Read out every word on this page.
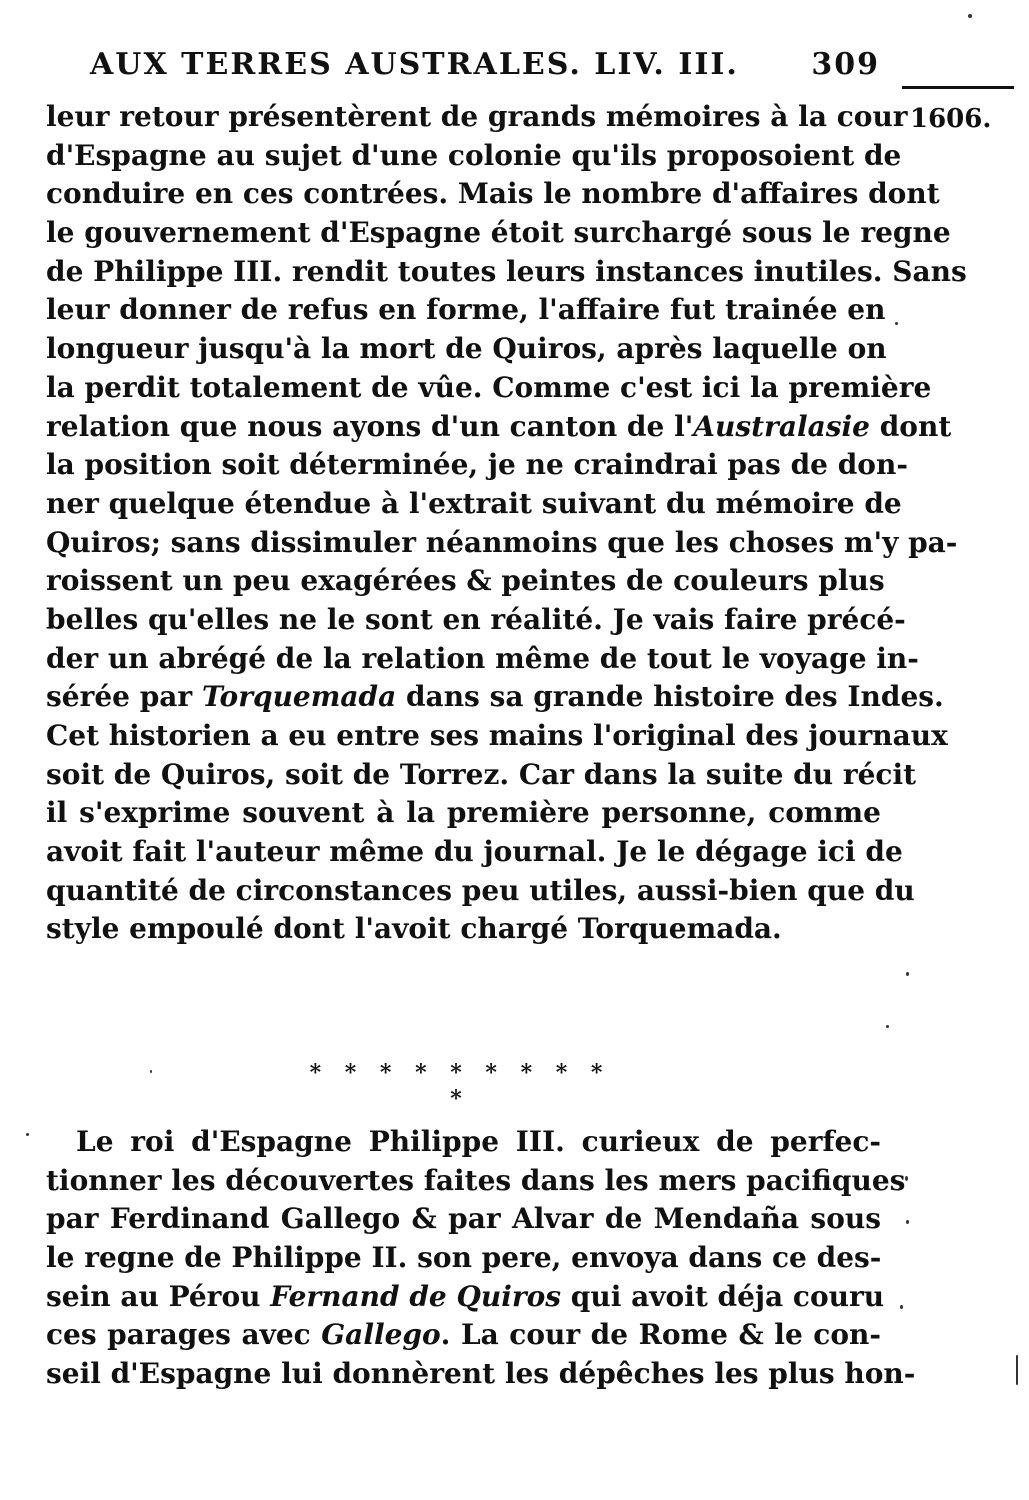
AUX TERRES AUSTRALES. LIV. III. 309
1606.
leur retour présentèrent de grands mémoires à la cour
d'Espagne au sujet d'une colonie qu'ils proposoient de
conduire en ces contrées. Mais le nombre d'affaires dont
le gouvernement d'Espagne étoit surchargé sous le regne
de Philippe III. rendit toutes leurs instances inutiles. Sans
leur donner de refus en forme, l'affaire fut trainée en
longueur jusqu'à la mort de Quiros, après laquelle on
la perdit totalement de vûe. Comme c'est ici la première
relation que nous ayons d'un canton de l'Australasie dont
la position soit déterminée, je ne craindrai pas de don-
ner quelque étendue à l'extrait suivant du mémoire de
Quiros; sans dissimuler néanmoins que les choses m'y pa-
roissent un peu exagérées & peintes de couleurs plus
belles qu'elles ne le sont en réalité. Je vais faire précé-
der un abrégé de la relation même de tout le voyage in-
sérée par Torquemada dans sa grande histoire des Indes.
Cet historien a eu entre ses mains l'original des journaux
soit de Quiros, soit de Torrez. Car dans la suite du récit
il s'exprime souvent à la première personne, comme
avoit fait l'auteur même du journal. Je le dégage ici de
quantité de circonstances peu utiles, aussi-bien que du
style empoulé dont l'avoit chargé Torquemada.
* * * * * * * * * *
Le roi d'Espagne Philippe III. curieux de perfec-
tionner les découvertes faites dans les mers pacifiques
par Ferdinand Gallego & par Alvar de Mendaña sous
le regne de Philippe II. son pere, envoya dans ce des-
sein au Pérou Fernand de Quiros qui avoit déja couru
ces parages avec Gallego. La cour de Rome & le con-
seil d'Espagne lui donnèrent les dépêches les plus hon-
